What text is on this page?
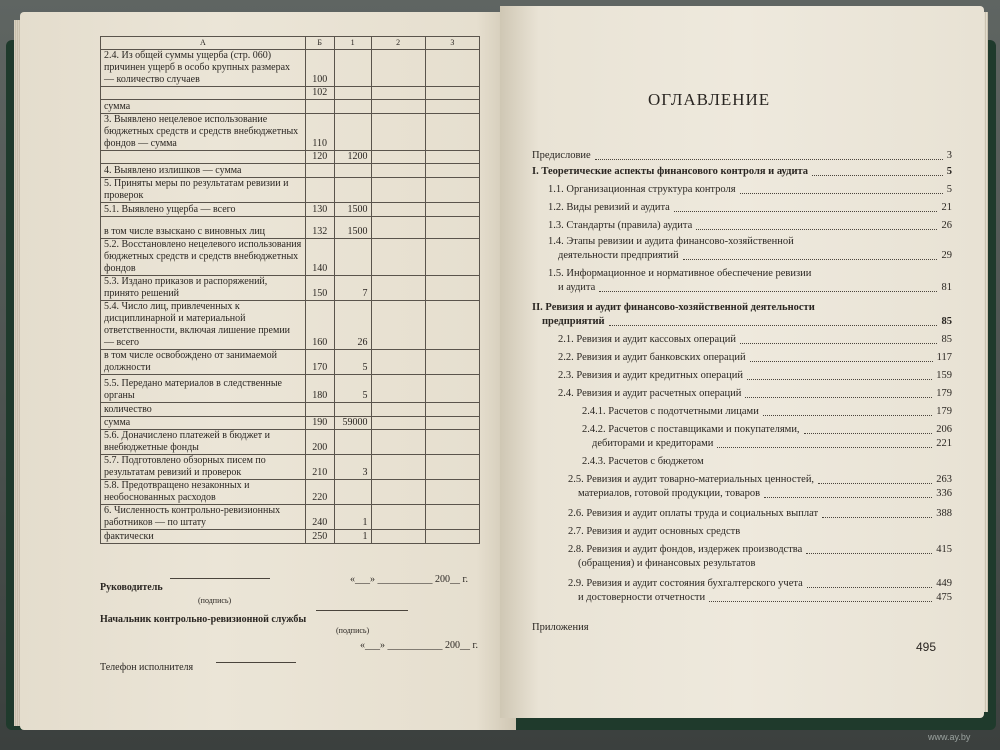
А	Б	1	2	3
2.4. Из общей суммы ущерба (стр. 060) причинен ущерб в особо крупных размерах — количество случаев	100			
	102			
сумма				
3. Выявлено нецелевое использование бюджетных средств и средств внебюджетных фондов — сумма	110			
	120	1200		
4. Выявлено излишков — сумма				
5. Приняты меры по результатам ревизии и проверок				
5.1. Выявлено ущерба — всего	130	1500		
в том числе взыскано с виновных лиц	132	1500		
5.2. Восстановлено нецелевого использования бюджетных средств и средств внебюджетных фондов	140			
5.3. Издано приказов и распоряжений, принято решений	150	7		
5.4. Число лиц, привлеченных к дисциплинарной и материальной ответственности, включая лишение премии — всего	160	26		
в том числе освобождено от занимаемой должности	170	5		
5.5. Передано материалов в следственные органы	180	5		
количество				
сумма	190	59000		
5.6. Доначислено платежей в бюджет и внебюджетные фонды	200			
5.7. Подготовлено обзорных писем по результатам ревизий и проверок	210	3		
5.8. Предотвращено незаконных и необоснованных расходов	220			
6. Численность контрольно-ревизионных работников — по штату	240	1		
фактически	250	1		
Руководитель
(подпись)
«___» ___________ 200__ г.
Начальник контрольно-ревизионной службы
(подпись)
«___» ___________ 200__ г.
Телефон исполнителя
ОГЛАВЛЕНИЕ
Предисловие	3
I. Теоретические аспекты финансового контроля и аудита	5
1.1. Организационная структура контроля	5
1.2. Виды ревизий и аудита	21
1.3. Стандарты (правила) аудита	26
1.4. Этапы ревизии и аудита финансово-хозяйственной
деятельности предприятий	29
1.5. Информационное и нормативное обеспечение ревизии
и аудита	81
II. Ревизия и аудит финансово-хозяйственной деятельности
предприятий	85
2.1. Ревизия и аудит кассовых операций	85
2.2. Ревизия и аудит банковских операций	117
2.3. Ревизия и аудит кредитных операций	159
2.4. Ревизия и аудит расчетных операций	179
2.4.1. Расчетов с подотчетными лицами	179
2.4.2. Расчетов с поставщиками и покупателями,	206
дебиторами и кредиторами	221
2.4.3. Расчетов с бюджетом
2.5. Ревизия и аудит товарно-материальных ценностей,	263
материалов, готовой продукции, товаров	336
2.6. Ревизия и аудит оплаты труда и социальных выплат	388
2.7. Ревизия и аудит основных средств
2.8. Ревизия и аудит фондов, издержек производства	415
(обращения) и финансовых результатов
2.9. Ревизия и аудит состояния бухгалтерского учета	449
и достоверности отчетности	475
Приложения
495
www.ay.by
